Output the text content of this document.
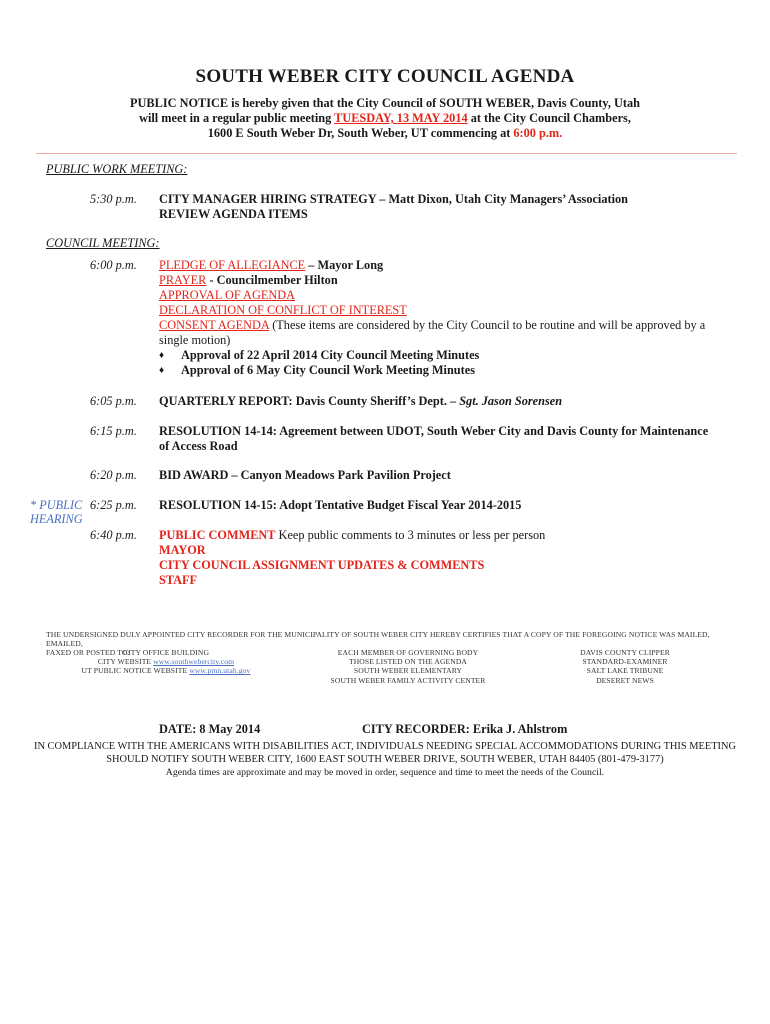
SOUTH WEBER CITY COUNCIL AGENDA
PUBLIC NOTICE is hereby given that the City Council of SOUTH WEBER, Davis County, Utah
will meet in a regular public meeting TUESDAY, 13 MAY 2014 at the City Council Chambers,
1600 E South Weber Dr, South Weber, UT commencing at 6:00 p.m.
PUBLIC WORK MEETING:
5:30 p.m. CITY MANAGER HIRING STRATEGY – Matt Dixon, Utah City Managers’ Association
REVIEW AGENDA ITEMS
COUNCIL MEETING:
6:00 p.m. PLEDGE OF ALLEGIANCE – Mayor Long
PRAYER - Councilmember Hilton
APPROVAL OF AGENDA
DECLARATION OF CONFLICT OF INTEREST
CONSENT AGENDA (These items are considered by the City Council to be routine and will be approved by a
single motion)
♦ Approval of 22 April 2014 City Council Meeting Minutes
♦ Approval of 6 May City Council Work Meeting Minutes
6:05 p.m. QUARTERLY REPORT: Davis County Sheriff’s Dept. – Sgt. Jason Sorensen
6:15 p.m. RESOLUTION 14-14: Agreement between UDOT, South Weber City and Davis County for Maintenance
of Access Road
6:20 p.m. BID AWARD – Canyon Meadows Park Pavilion Project
* PUBLIC
HEARING
6:25 p.m. RESOLUTION 14-15: Adopt Tentative Budget Fiscal Year 2014-2015
6:40 p.m. PUBLIC COMMENT Keep public comments to 3 minutes or less per person
MAYOR
CITY COUNCIL ASSIGNMENT UPDATES & COMMENTS
STAFF
THE UNDERSIGNED DULY APPOINTED CITY RECORDER FOR THE MUNICIPALITY OF SOUTH WEBER CITY HEREBY CERTIFIES THAT A COPY OF THE FOREGOING NOTICE WAS MAILED, EMAILED,
FAXED OR POSTED TO:
CITY OFFICE BUILDING
CITY WEBSITE www.southwebercity.com
UT PUBLIC NOTICE WEBSITE www.pmn.utah.gov
EACH MEMBER OF GOVERNING BODY
THOSE LISTED ON THE AGENDA
SOUTH WEBER ELEMENTARY
SOUTH WEBER FAMILY ACTIVITY CENTER
DAVIS COUNTY CLIPPER
STANDARD-EXAMINER
SALT LAKE TRIBUNE
DESERET NEWS
DATE: 8 May 2014	CITY RECORDER: Erika J. Ahlstrom
IN COMPLIANCE WITH THE AMERICANS WITH DISABILITIES ACT, INDIVIDUALS NEEDING SPECIAL ACCOMMODATIONS DURING THIS MEETING
SHOULD NOTIFY SOUTH WEBER CITY, 1600 EAST SOUTH WEBER DRIVE, SOUTH WEBER, UTAH 84405 (801-479-3177)
Agenda times are approximate and may be moved in order, sequence and time to meet the needs of the Council.
